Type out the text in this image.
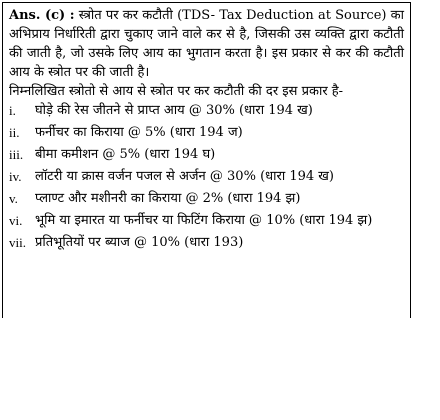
Ans. (c) : स्त्रोत पर कर कटौती (TDS- Tax Deduction at Source) का अभिप्राय निर्धारिती द्वारा चुकाए जाने वाले कर से है, जिसकी उस व्यक्ति द्वारा कटौती की जाती है, जो उसके लिए आय का भुगतान करता है। इस प्रकार से कर की कटौती आय के स्त्रोत पर की जाती है।

निम्नलिखित स्त्रोतो से आय से स्त्रोत पर कर कटौती की दर इस प्रकार है-

i.	घोड़े की रेस जीतने से प्राप्त आय @ 30% (धारा 194 ख)
ii.	फर्नीचर का किराया @ 5% (धारा 194 ज)
iii. बीमा कमीशन @ 5% (धारा 194 घ)
iv.	लॉटरी या क्रास वर्जन पजल से अर्जन @ 30% (धारा 194 ख)
v.	प्लाण्ट और मशीनरी का किराया @ 2% (धारा 194 झ)
vi. भूमि या इमारत या फर्नीचर या फिटिंग किराया @ 10% (धारा 194 झ)
vii. प्रतिभूतियों पर ब्याज @ 10% (धारा 193)
